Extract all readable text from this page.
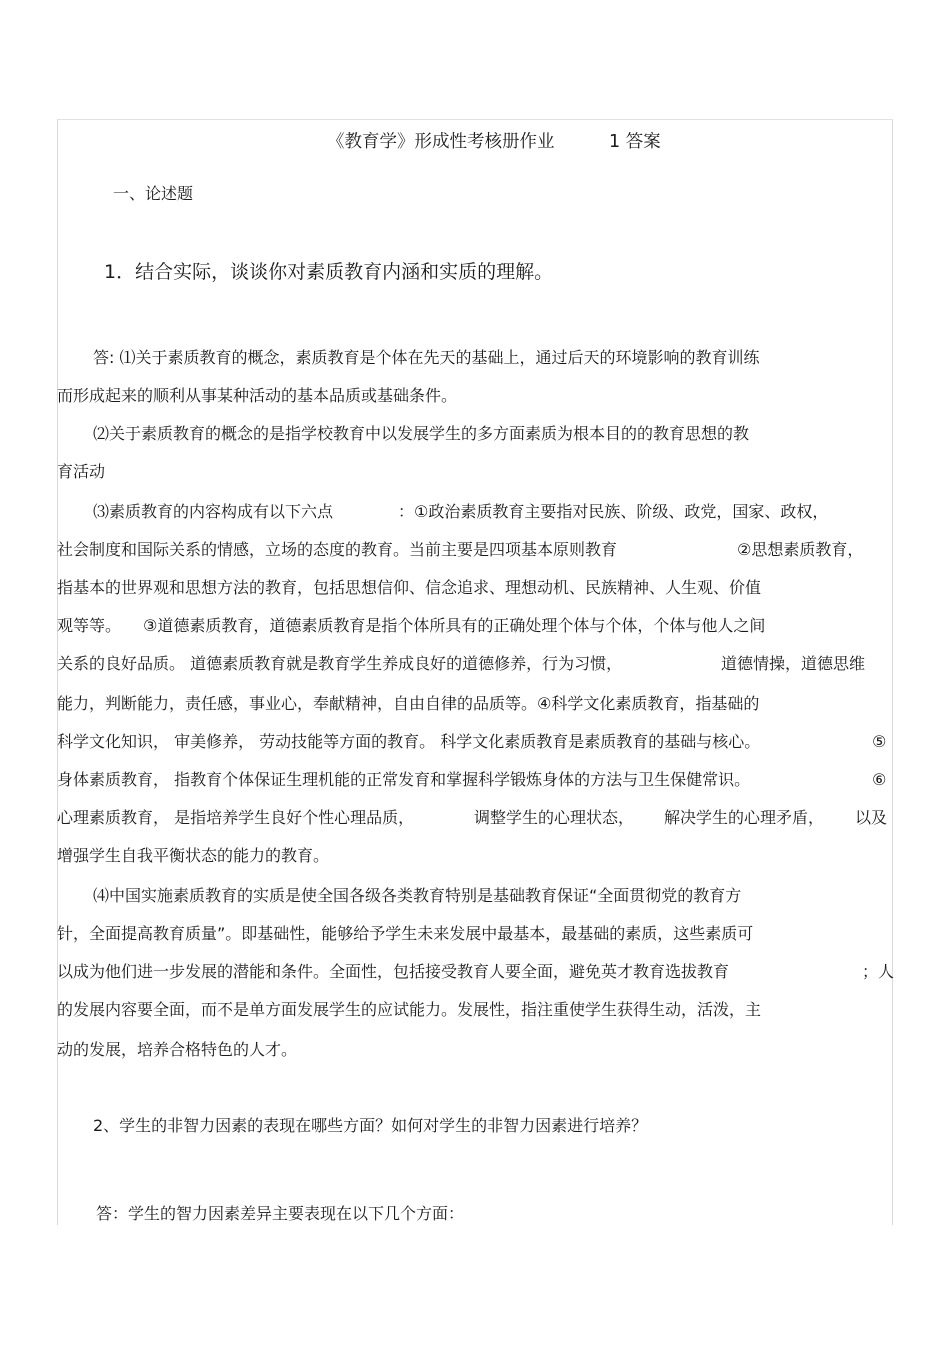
《教育学》形成性考核册作业	1 答案
一、论述题
1．结合实际，谈谈你对素质教育内涵和实质的理解。
答: ⑴关于素质教育的概念，素质教育是个体在先天的基础上，通过后天的环境影响的教育训练
而形成起来的顺利从事某种活动的基本品质或基础条件。
⑵关于素质教育的概念的是指学校教育中以发展学生的多方面素质为根本目的的教育思想的教
育活动
⑶素质教育的内容构成有以下六点	：①政治素质教育主要指对民族、阶级、政党，国家、政权，
社会制度和国际关系的情感，立场的态度的教育。当前主要是四项基本原则教育	②思想素质教育，
指基本的世界观和思想方法的教育，包括思想信仰、信念追求、理想动机、民族精神、人生观、价值
观等等。 ③道德素质教育，道德素质教育是指个体所具有的正确处理个体与个体，个体与他人之间
关系的良好品质。 道德素质教育就是教育学生养成良好的道德修养，行为习惯，	道德情操，道德思维
能力，判断能力，责任感，事业心，奉献精神，自由自律的品质等。④科学文化素质教育，指基础的
科学文化知识， 审美修养， 劳动技能等方面的教育。 科学文化素质教育是素质教育的基础与核心。	⑤
身体素质教育， 指教育个体保证生理机能的正常发育和掌握科学锻炼身体的方法与卫生保健常识。	⑥
心理素质教育， 是指培养学生良好个性心理品质，	调整学生的心理状态， 解决学生的心理矛盾， 以及
增强学生自我平衡状态的能力的教育。
⑷中国实施素质教育的实质是使全国各级各类教育特别是基础教育保证“全面贯彻党的教育方
针，全面提高教育质量”。即基础性，能够给予学生未来发展中最基本，最基础的素质，这些素质可
以成为他们进一步发展的潜能和条件。全面性，包括接受教育人要全面，避免英才教育选拔教育	；人
的发展内容要全面，而不是单方面发展学生的应试能力。发展性，指注重使学生获得生动，活泼，主
动的发展，培养合格特色的人才。
2、学生的非智力因素的表现在哪些方面？如何对学生的非智力因素进行培养？
答：学生的智力因素差异主要表现在以下几个方面：
